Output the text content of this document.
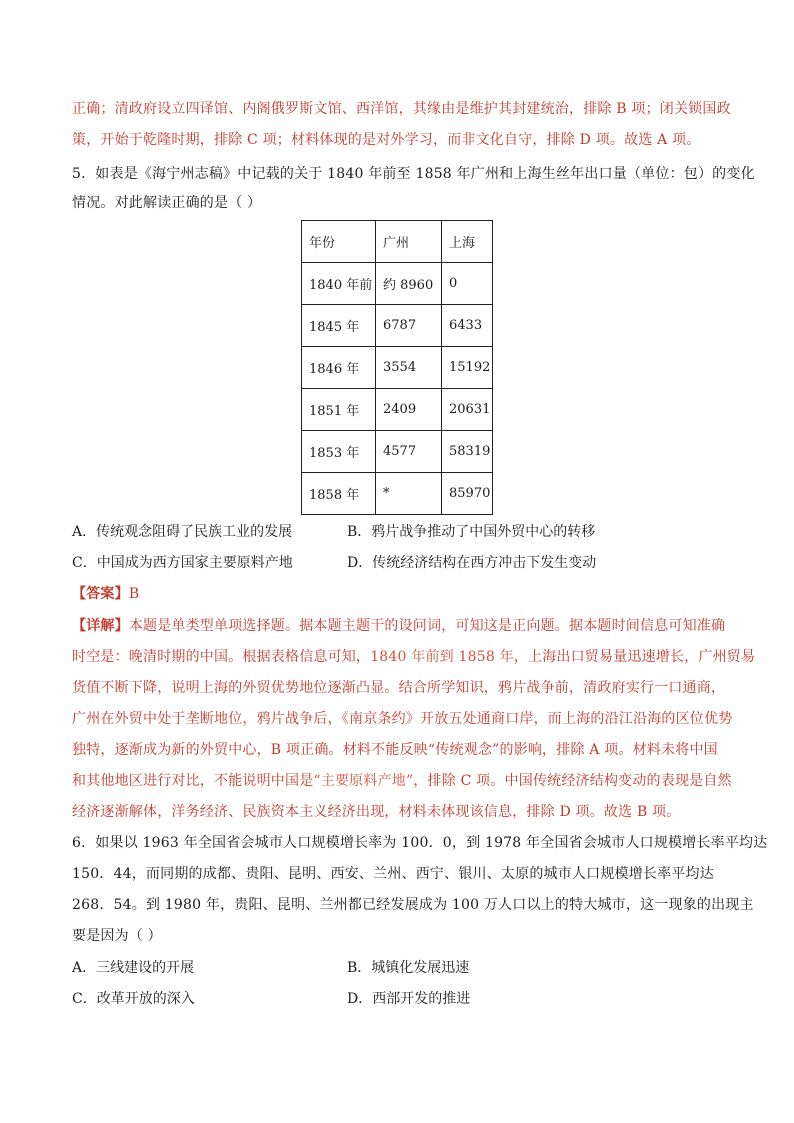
正确；清政府设立四译馆、内阁俄罗斯文馆、西洋馆，其缘由是维护其封建统治，排除 B 项；闭关锁国政
策，开始于乾隆时期，排除 C 项；材料体现的是对外学习，而非文化自守，排除 D 项。故选 A 项。
5．如表是《海宁州志稿》中记载的关于 1840 年前至 1858 年广州和上海生丝年出口量（单位：包）的变化
情况。对此解读正确的是（ ）
年份	广州	上海
1840 年前	约 8960	0
1845 年	6787	6433
1846 年	3554	15192
1851 年	2409	20631
1853 年	4577	58319
1858 年	*	85970
A．传统观念阻碍了民族工业的发展	B．鸦片战争推动了中国外贸中心的转移
C．中国成为西方国家主要原料产地	D．传统经济结构在西方冲击下发生变动
【答案】B
【详解】本题是单类型单项选择题。据本题主题干的设问词，可知这是正向题。据本题时间信息可知准确
时空是：晚清时期的中国。根据表格信息可知，1840 年前到 1858 年，上海出口贸易量迅速增长，广州贸易
货值不断下降，说明上海的外贸优势地位逐渐凸显。结合所学知识，鸦片战争前，清政府实行一口通商，
广州在外贸中处于垄断地位，鸦片战争后，《南京条约》开放五处通商口岸，而上海的沿江沿海的区位优势
独特，逐渐成为新的外贸中心，B 项正确。材料不能反映“传统观念”的影响，排除 A 项。材料未将中国
和其他地区进行对比，不能说明中国是“主要原料产地”，排除 C 项。中国传统经济结构变动的表现是自然
经济逐渐解体，洋务经济、民族资本主义经济出现，材料未体现该信息，排除 D 项。故选 B 项。
6．如果以 1963 年全国省会城市人口规模增长率为 100．0，到 1978 年全国省会城市人口规模增长率平均达
150．44，而同期的成都、贵阳、昆明、西安、兰州、西宁、银川、太原的城市人口规模增长率平均达
268．54。到 1980 年，贵阳、昆明、兰州都已经发展成为 100 万人口以上的特大城市，这一现象的出现主
要是因为（ ）
A．三线建设的开展	B．城镇化发展迅速
C．改革开放的深入	D．西部开发的推进
